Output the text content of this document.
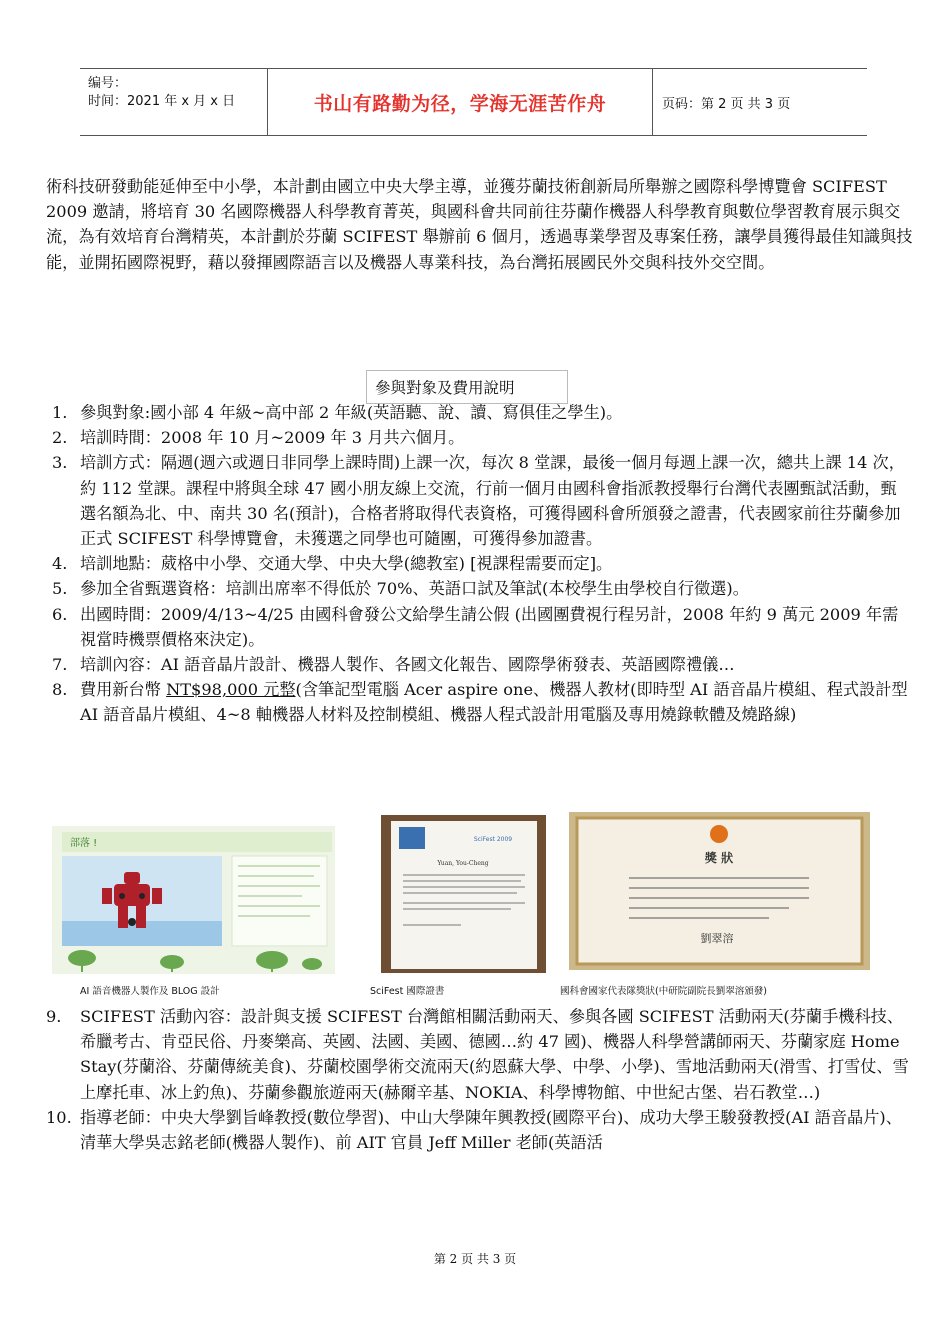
编号：
时间：2021 年 x 月 x 日	书山有路勤为径，学海无涯苦作舟	页码：第 2 页 共 3 页
術科技研發動能延伸至中小學，本計劃由國立中央大學主導，並獲芬蘭技術創新局所舉辦之國際科學博覽會 SCIFEST 2009 邀請，將培育 30 名國際機器人科學教育菁英，與國科會共同前往芬蘭作機器人科學教育與數位學習教育展示與交流，為有效培育台灣精英，本計劃於芬蘭 SCIFEST 舉辦前 6 個月，透過專業學習及專案任務，讓學員獲得最佳知識與技能，並開拓國際視野，藉以發揮國際語言以及機器人專業科技，為台灣拓展國民外交與科技外交空間。
參與對象及費用說明
1. 參與對象:國小部 4 年級~高中部 2 年級(英語聽、說、讀、寫俱佳之學生)。
2. 培訓時間：2008 年 10 月~2009 年 3 月共六個月。
3. 培訓方式：隔週(週六或週日非同學上課時間)上課一次，每次 8 堂課，最後一個月每週上課一次，總共上課 14 次，約 112 堂課。課程中將與全球 47 國小朋友線上交流，行前一個月由國科會指派教授舉行台灣代表團甄試活動，甄選名額為北、中、南共 30 名(預計)，合格者將取得代表資格，可獲得國科會所頒發之證書，代表國家前往芬蘭參加正式 SCIFEST 科學博覽會，未獲選之同學也可隨團，可獲得參加證書。
4. 培訓地點：葳格中小學、交通大學、中央大學(總教室) [視課程需要而定]。
5. 參加全省甄選資格：培訓出席率不得低於 70%、英語口試及筆試(本校學生由學校自行徵選)。
6. 出國時間：2009/4/13~4/25 由國科會發公文給學生請公假 (出國團費視行程另計，2008 年約 9 萬元 2009 年需視當時機票價格來決定)。
7. 培訓內容：AI 語音晶片設計、機器人製作、各國文化報告、國際學術發表、英語國際禮儀…
8. 費用新台幣 NT$98,000 元整(含筆記型電腦 Acer aspire one、機器人教材(即時型 AI 語音晶片模組、程式設計型 AI 語音晶片模組、4~8 軸機器人材料及控制模組、機器人程式設計用電腦及專用燒錄軟體及燒路線)
部落 !	SciFest 2009
Yuan, You-Cheng	獎 狀
劉翠溶
AI 語音機器人製作及 BLOG 設計	SciFest 國際證書	國科會國家代表隊獎狀(中研院副院長劉翠溶頒發)
9.	SCIFEST 活動內容：設計與支援 SCIFEST 台灣館相關活動兩天、參與各國 SCIFEST 活動兩天(芬蘭手機科技、希臘考古、肯亞民俗、丹麥樂高、英國、法國、美國、德國…約 47 國)、機器人科學營講師兩天、芬蘭家庭 Home Stay(芬蘭浴、芬蘭傳統美食)、芬蘭校園學術交流兩天(約恩蘇大學、中學、小學)、雪地活動兩天(滑雪、打雪仗、雪上摩托車、冰上釣魚)、芬蘭參觀旅遊兩天(赫爾辛基、NOKIA、科學博物館、中世紀古堡、岩石教堂…)
10. 指導老師：中央大學劉旨峰教授(數位學習)、中山大學陳年興教授(國際平台)、成功大學王駿發教授(AI 語音晶片)、清華大學吳志銘老師(機器人製作)、前 AIT 官員 Jeff Miller 老師(英語活
第 2 页 共 3 页
